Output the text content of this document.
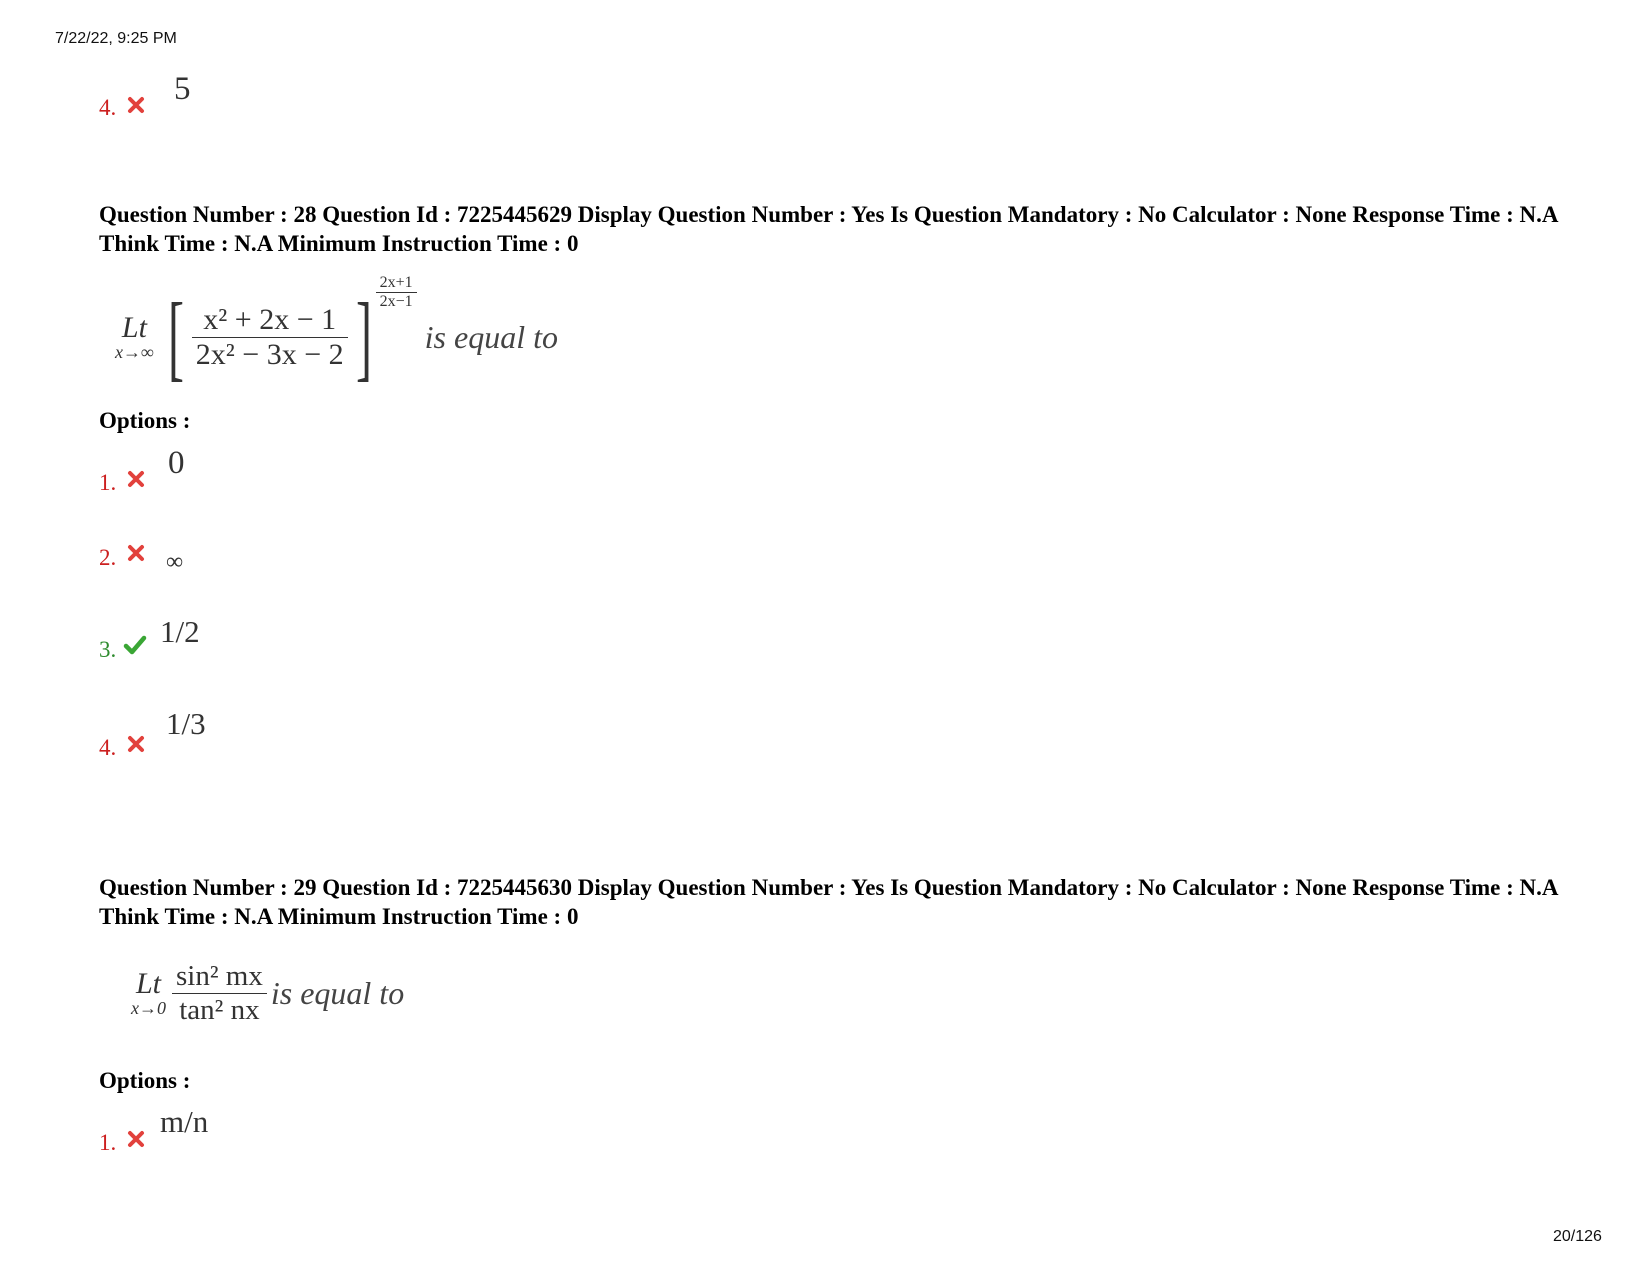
7/22/22, 9:25 PM
20/126
4.
5
Question Number : 28 Question Id : 7225445629 Display Question Number : Yes Is Question Mandatory : No Calculator : None Response Time : N.A Think Time : N.A Minimum Instruction Time : 0
Lt
x→∞ [ $\frac{\text{x² + 2x − 1}}{\text{2x² − 3x − 2}}$ ] $\frac{2x+1}{2x-1}$
is equal to
Options :
1.
0
2. ∞
3.
1/2
4.
1/3
Question Number : 29 Question Id : 7225445630 Display Question Number : Yes Is Question Mandatory : No Calculator : None Response Time : N.A Think Time : N.A Minimum Instruction Time : 0
Lt
$x\to 0 \frac{\text{sin² mx}}{\text{tan² nx}}$ is equal to
Options :
1.
m/n
